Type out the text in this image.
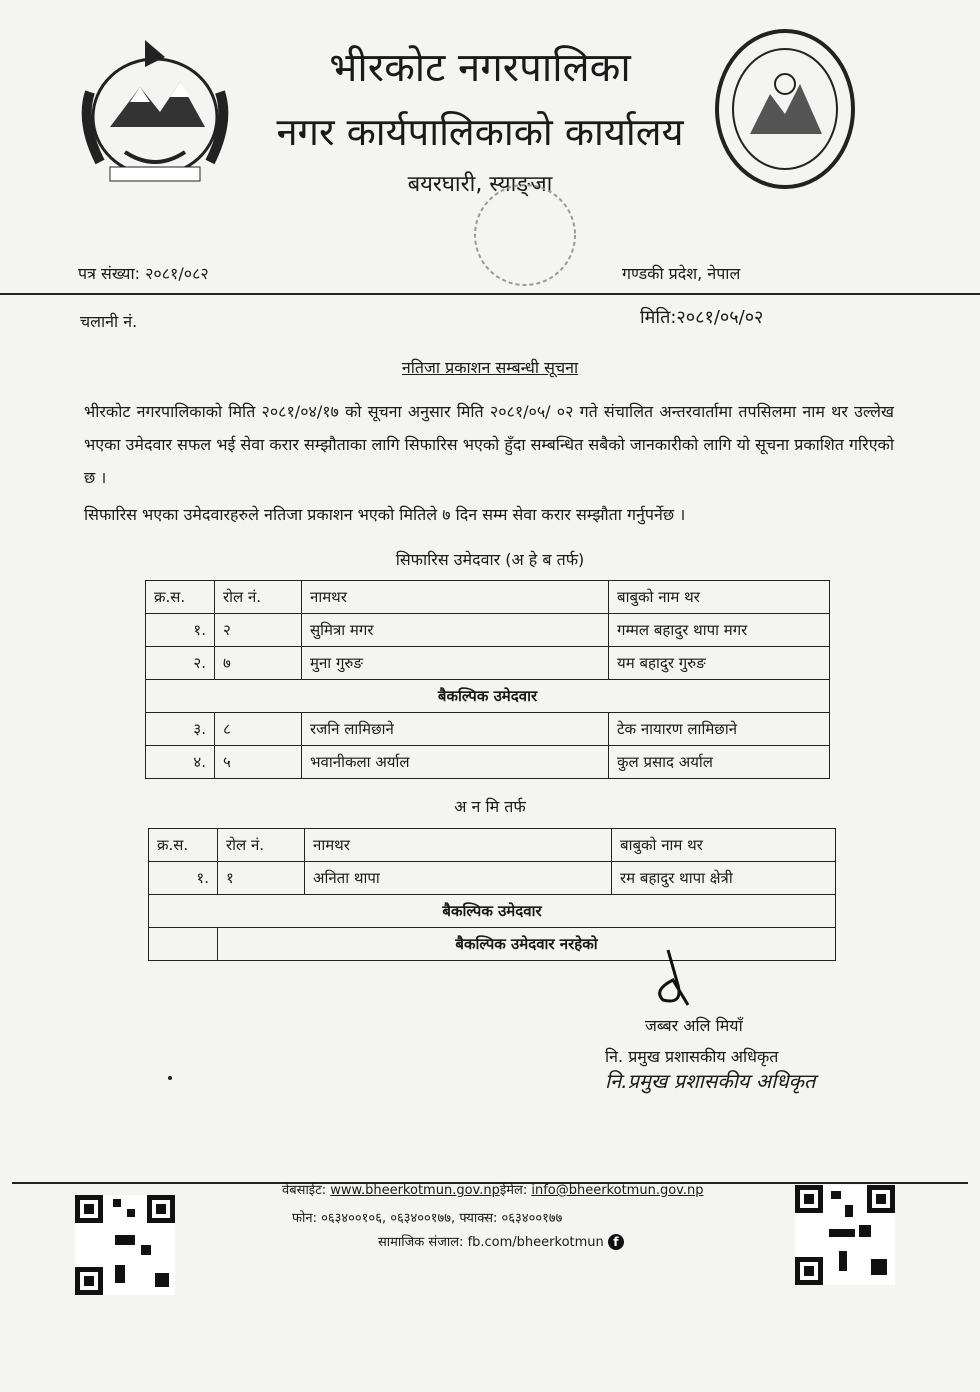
भीरकोट नगरपालिका
नगर कार्यपालिकाको कार्यालय
बयरघारी, स्याङ्जा
पत्र संख्या: २०८१/०८२	गण्डकी प्रदेश, नेपाल
चलानी नं.	मिति:२०८१/०५/०२
नतिजा प्रकाशन सम्बन्धी सूचना
भीरकोट नगरपालिकाको मिति २०८१/०४/१७ को सूचना अनुसार मिति २०८१/०५/ ०२ गते संचालित अन्तरवार्तामा तपसिलमा नाम थर उल्लेख भएका उमेदवार सफल भई सेवा करार सम्झौताका लागि सिफारिस भएको हुँदा सम्बन्धित सबैको जानकारीको लागि यो सूचना प्रकाशित गरिएको छ ।
सिफारिस भएका उमेदवारहरुले नतिजा प्रकाशन भएको मितिले ७ दिन सम्म सेवा करार सम्झौता गर्नुपर्नेछ ।
सिफारिस उमेदवार (अ हे ब तर्फ)
क्र.स.	रोल नं.	नामथर	बाबुको नाम थर
१.	२	सुमित्रा मगर	गम्मल बहादुर थापा मगर
२.	७	मुना गुरुङ	यम बहादुर गुरुङ
बैकल्पिक उमेदवार			
३.	८	रजनि लामिछाने	टेक नायारण लामिछाने
४.	५	भवानीकला अर्याल	कुल प्रसाद अर्याल
अ न मि तर्फ
क्र.स.	रोल नं.	नामथर	बाबुको नाम थर
१.	१	अनिता थापा	रम बहादुर थापा क्षेत्री
बैकल्पिक उमेदवार			
	बैकल्पिक उमेदवार नरहेको		
जब्बर अलि मियाँ
नि. प्रमुख प्रशासकीय अधिकृत
नि.प्रमुख प्रशासकीय अधिकृत
वेबसाईट: www.bheerkotmun.gov.npईमेल: info@bheerkotmun.gov.np
फोन: ०६३४००१०६, ०६३४००१७७, फ्याक्स: ०६३४००१७७
सामाजिक संजाल: fb.com/bheerkotmun f
